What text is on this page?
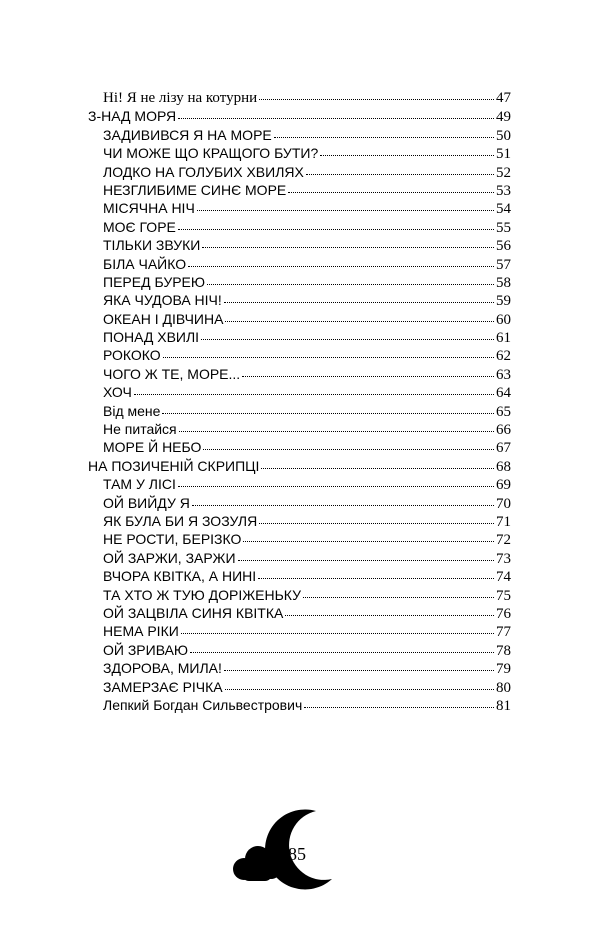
Ні! Я не лізу на котурни	47
З-НАД МОРЯ	49
ЗАДИВИВСЯ Я НА МОРЕ	50
ЧИ МОЖЕ ЩО КРАЩОГО БУТИ?	51
ЛОДКО НА ГОЛУБИХ ХВИЛЯХ	52
НЕЗГЛИБИМЕ СИНЄ МОРЕ	53
МІСЯЧНА НІЧ	54
МОЄ ГОРЕ	55
ТІЛЬКИ ЗВУКИ	56
БІЛА ЧАЙКО	57
ПЕРЕД БУРЕЮ	58
ЯКА ЧУДОВА НІЧ!	59
ОКЕАН І ДІВЧИНА	60
ПОНАД ХВИЛІ	61
РОКОКО	62
ЧОГО Ж ТЕ, МОРЕ...	63
ХОЧ	64
Від мене	65
Не питайся	66
МОРЕ Й НЕБО	67
НА ПОЗИЧЕНІЙ СКРИПЦІ	68
ТАМ У ЛІСІ	69
ОЙ ВИЙДУ Я	70
ЯК БУЛА БИ Я ЗОЗУЛЯ	71
НЕ РОСТИ, БЕРІЗКО	72
ОЙ ЗАРЖИ, ЗАРЖИ	73
ВЧОРА КВІТКА, А НИНІ	74
ТА ХТО Ж ТУЮ ДОРІЖЕНЬКУ	75
ОЙ ЗАЦВІЛА СИНЯ КВІТКА	76
НЕМА РІКИ	77
ОЙ ЗРИВАЮ	78
ЗДОРОВА, МИЛА!	79
ЗАМЕРЗАЄ РІЧКА	80
Лепкий Богдан Сильвестрович	81
85
